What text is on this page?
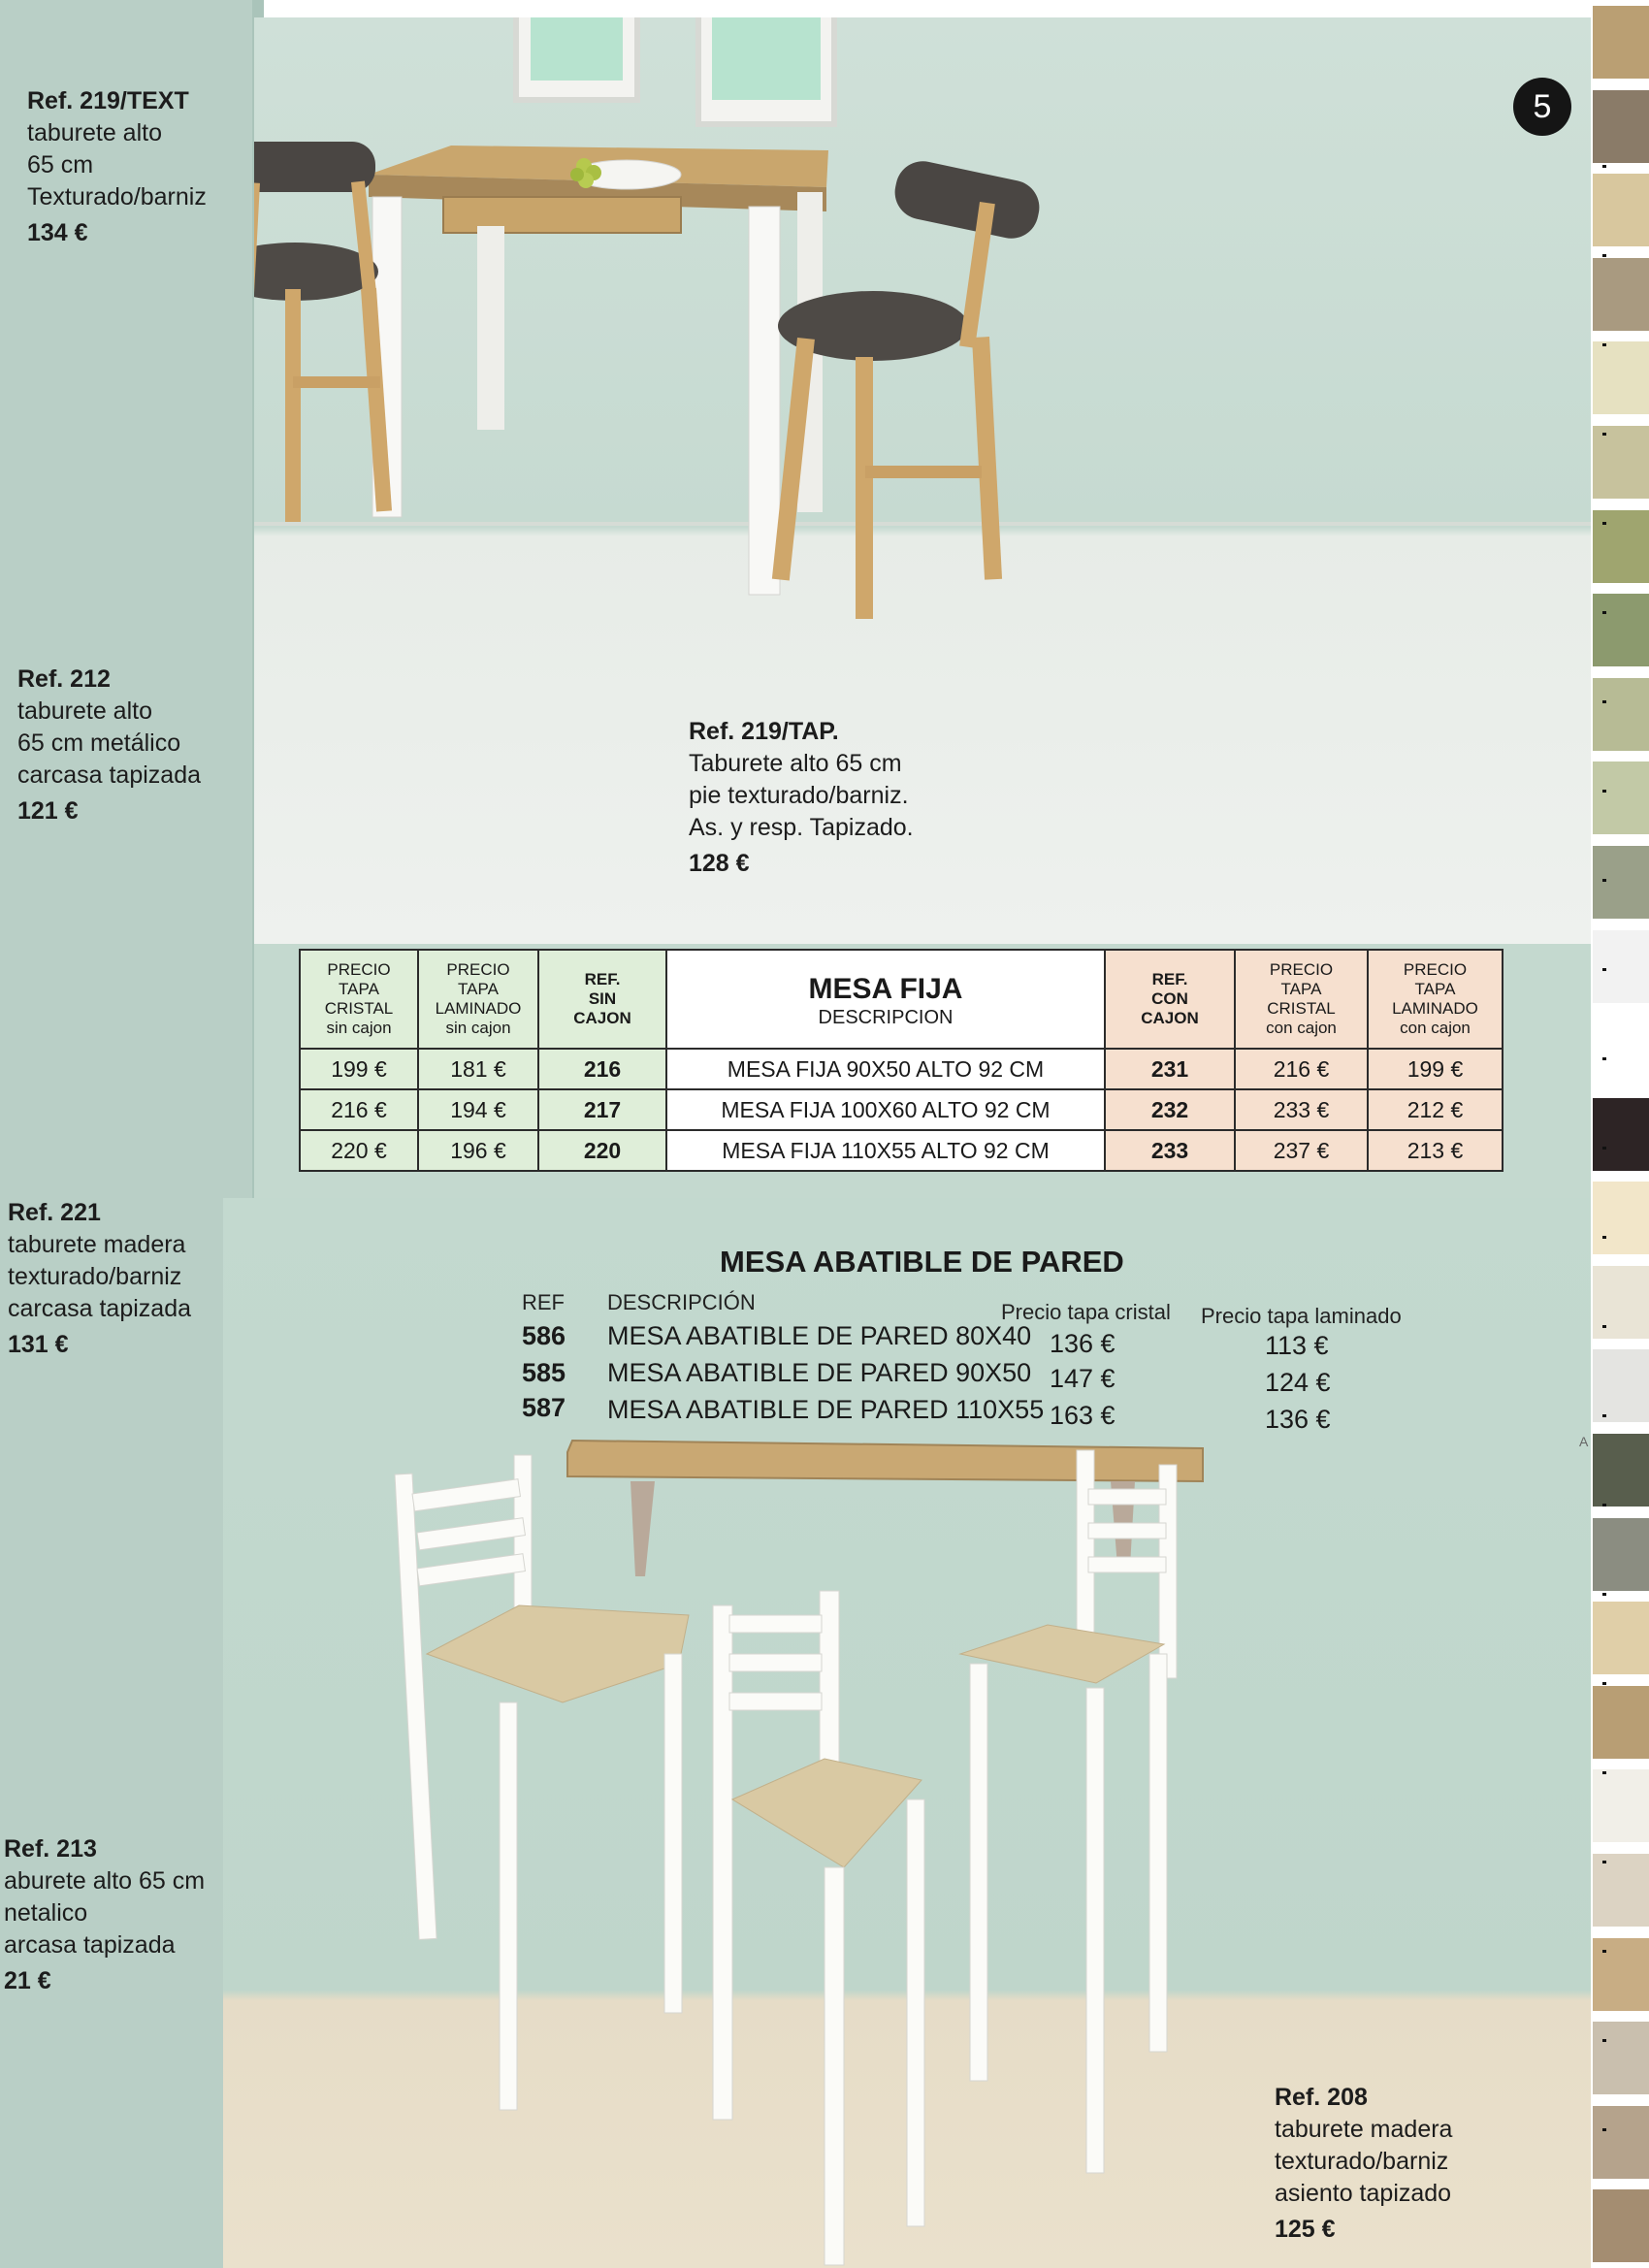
A
5
Ref. 219/TEXT
taburete alto
65 cm
Texturado/barniz
134 €
Ref. 212
taburete alto
65 cm metálico
carcasa tapizada
121 €
Ref. 221
taburete madera
texturado/barniz
carcasa tapizada
131 €
Ref. 213
aburete alto 65 cm
netalico
arcasa tapizada
21 €
Ref. 219/TAP.
Taburete alto 65 cm
pie texturado/barniz.
As. y resp. Tapizado.
128 €
Ref. 208
taburete madera
texturado/barniz
asiento tapizado
125 €
PRECIO
TAPA
CRISTAL
sin cajon	PRECIO
TAPA
LAMINADO
sin cajon	REF.
SIN
CAJON	MESA FIJA
DESCRIPCION	REF.
CON
CAJON	PRECIO
TAPA
CRISTAL
con cajon	PRECIO
TAPA
LAMINADO
con cajon
199 €	181 €	216	MESA FIJA 90X50 ALTO 92 CM	231	216 €	199 €
216 €	194 €	217	MESA FIJA 100X60 ALTO 92 CM	232	233 €	212 €
220 €	196 €	220	MESA FIJA 110X55 ALTO 92 CM	233	237 €	213 €
MESA ABATIBLE DE PARED
REF DESCRIPCIÓN	Precio tapa cristal Precio tapa laminado
586 MESA ABATIBLE DE PARED 80X40 136 €	113 €
585 MESA ABATIBLE DE PARED 90X50 147 €	124 €
587 MESA ABATIBLE DE PARED 110X55 163 €	136 €
